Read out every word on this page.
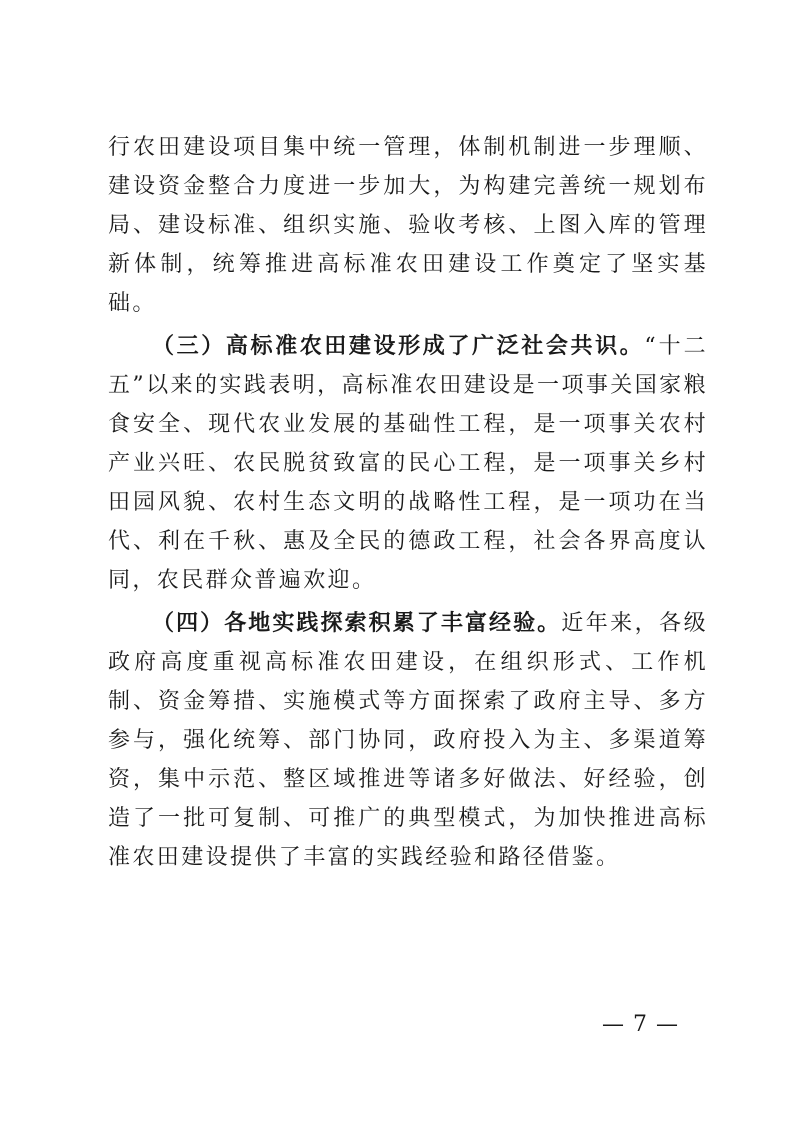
行农田建设项目集中统一管理，体制机制进一步理顺、建设资金整合力度进一步加大，为构建完善统一规划布局、建设标准、组织实施、验收考核、上图入库的管理新体制，统筹推进高标准农田建设工作奠定了坚实基础。

（三）高标准农田建设形成了广泛社会共识。“十二五”以来的实践表明，高标准农田建设是一项事关国家粮食安全、现代农业发展的基础性工程，是一项事关农村产业兴旺、农民脱贫致富的民心工程，是一项事关乡村田园风貌、农村生态文明的战略性工程，是一项功在当代、利在千秋、惠及全民的德政工程，社会各界高度认同，农民群众普遍欢迎。

（四）各地实践探索积累了丰富经验。近年来，各级政府高度重视高标准农田建设，在组织形式、工作机制、资金筹措、实施模式等方面探索了政府主导、多方参与，强化统筹、部门协同，政府投入为主、多渠道筹资，集中示范、整区域推进等诸多好做法、好经验，创造了一批可复制、可推广的典型模式，为加快推进高标准农田建设提供了丰富的实践经验和路径借鉴。

— 7 —
